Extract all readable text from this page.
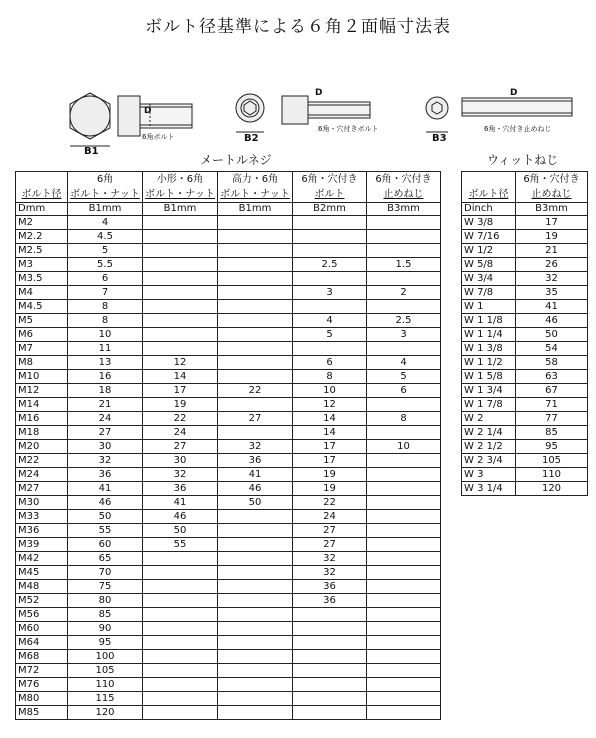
ボルト径基準による６角２面幅寸法表
6角ボルト
B1
D
6角・穴付きボルト
B2
D
6角・穴付き止めねじ
B3
D
メートルネジ	ウィットねじ
	6角	小形・6角	高力・6角	6角・穴付き	6角・穴付き
ボルト径	ボルト・ナット	ボルト・ナット	ボルト・ナット	ボルト	止めねじ
Dmm	B1mm	B1mm	B1mm	B2mm	B3mm
M2	4				
M2.2	4.5				
M2.5	5				
M3	5.5			2.5	1.5
M3.5	6				
M4	7			3	2
M4.5	8				
M5	8			4	2.5
M6	10			5	3
M7	11				
M8	13	12		6	4
M10	16	14		8	5
M12	18	17	22	10	6
M14	21	19		12	
M16	24	22	27	14	8
M18	27	24		14	
M20	30	27	32	17	10
M22	32	30	36	17	
M24	36	32	41	19	
M27	41	36	46	19	
M30	46	41	50	22	
M33	50	46		24	
M36	55	50		27	
M39	60	55		27	
M42	65			32	
M45	70			32	
M48	75			36	
M52	80			36	
M56	85				
M60	90				
M64	95				
M68	100				
M72	105				
M76	110				
M80	115				
M85	120				
	6角・穴付き
ボルト径	止めねじ
Dinch	B3mm
W 3/8	17
W 7/16	19
W 1/2	21
W 5/8	26
W 3/4	32
W 7/8	35
W 1	41
W 1 1/8	46
W 1 1/4	50
W 1 3/8	54
W 1 1/2	58
W 1 5/8	63
W 1 3/4	67
W 1 7/8	71
W 2	77
W 2 1/4	85
W 2 1/2	95
W 2 3/4	105
W 3	110
W 3 1/4	120
